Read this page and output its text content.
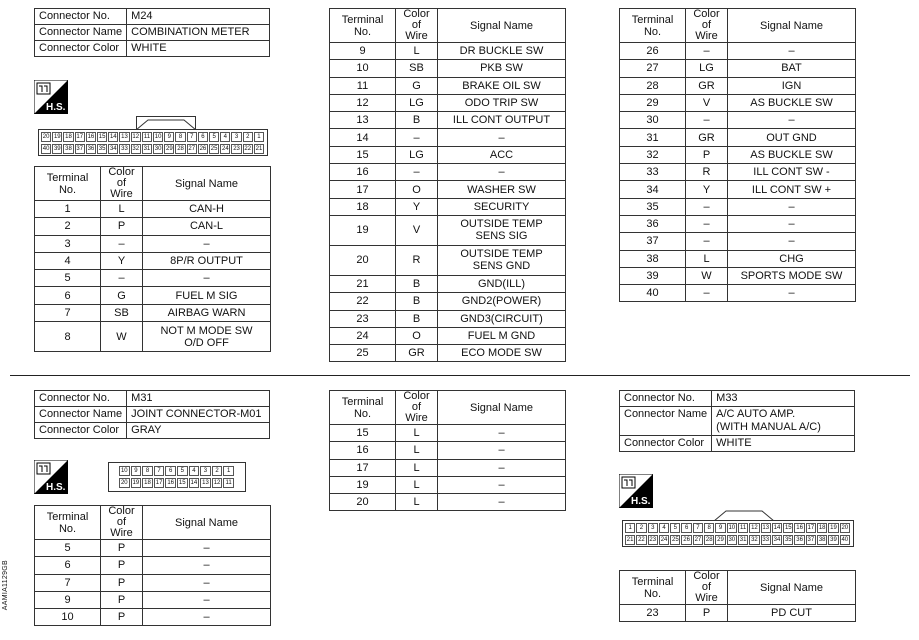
Connector No.	M24
Connector Name	COMBINATION METER
Connector Color	WHITE
H.S.
20 19 18 17 16 15 14 13 12 11 10	9	8	7	6	5	4	3	2	1
40 39 38 37 36 35 34 33 32 31 30 29 28 27 26 25 24 23 22 21
Terminal No.	Color of
Wire	Signal Name
1	L	CAN-H
2	P	CAN-L
3	–	–
4	Y	8P/R OUTPUT
5	–	–
6	G	FUEL M SIG
7	SB	AIRBAG WARN
8	W	NOT M MODE SW
O/D OFF
Terminal No.	Color of
Wire	Signal Name
9	L	DR BUCKLE SW
10	SB	PKB SW
11	G	BRAKE OIL SW
12	LG	ODO TRIP SW
13	B	ILL CONT OUTPUT
14	–	–
15	LG	ACC
16	–	–
17	O	WASHER SW
18	Y	SECURITY
19	V	OUTSIDE TEMP
SENS SIG
20	R	OUTSIDE TEMP
SENS GND
21	B	GND(ILL)
22	B	GND2(POWER)
23	B	GND3(CIRCUIT)
24	O	FUEL M GND
25	GR	ECO MODE SW
Terminal No.	Color of
Wire	Signal Name
26	–	–
27	LG	BAT
28	GR	IGN
29	V	AS BUCKLE SW
30	–	–
31	GR	OUT GND
32	P	AS BUCKLE SW
33	R	ILL CONT SW -
34	Y	ILL CONT SW +
35	–	–
36	–	–
37	–	–
38	L	CHG
39	W	SPORTS MODE SW
40	–	–
Connector No.	M31
Connector Name	JOINT CONNECTOR-M01
Connector Color	GRAY
H.S.
10	9	8	7	6	5	4	3	2	1
20 19 18 17 16 15 14 13 12 11
Terminal No.	Color of
Wire	Signal Name
5	P	–
6	P	–
7	P	–
9	P	–
10	P	–
Terminal No.	Color of
Wire	Signal Name
15	L	–
16	L	–
17	L	–
19	L	–
20	L	–
Connector No.	M33
Connector Name	A/C AUTO AMP.
(WITH MANUAL A/C)
Connector Color	WHITE
H.S.
1	2	3	4	5	6	7	8	9	10 11 12 13 14 15 16 17 18 19 20
21 22 23 24 25 26 27 28 29 30 31 32 33 34 35 36 37 38 39 40
Terminal No.	Color of
Wire	Signal Name
23	P	PD CUT
AAMIA1129GB
